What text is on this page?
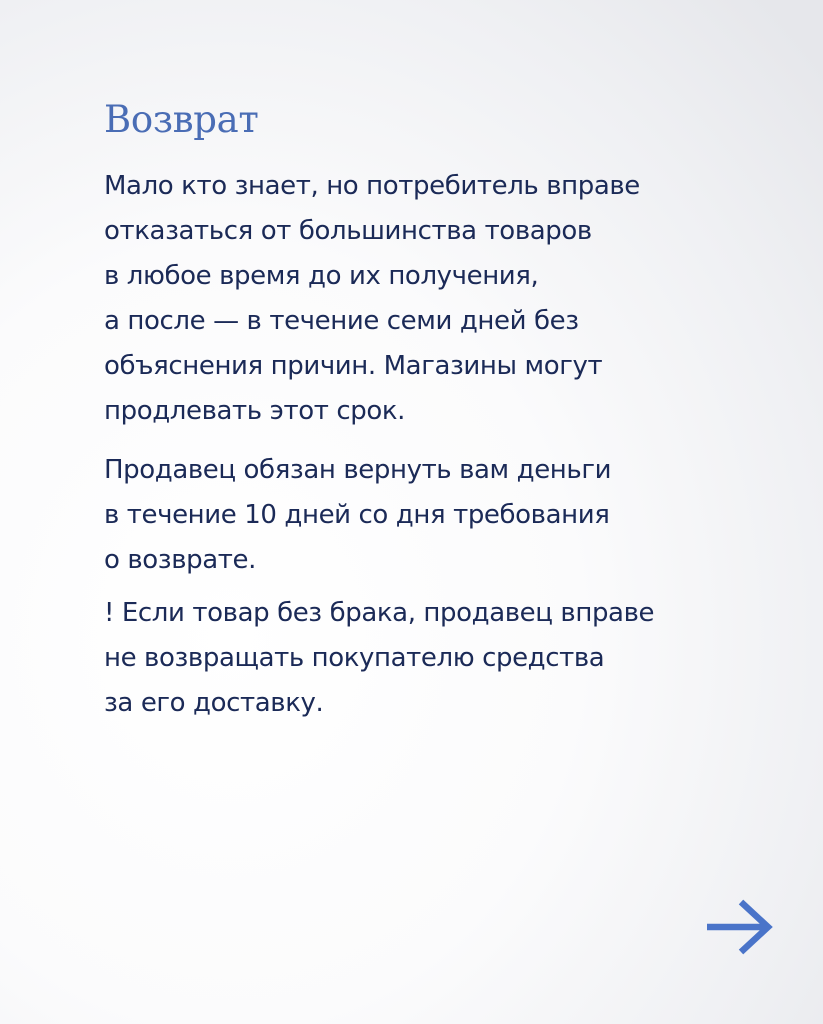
Возврат

Мало кто знает, но потребитель вправе
отказаться от большинства товаров
в любое время до их получения,
а после — в течение семи дней без
объяснения причин. Магазины могут
продлевать этот срок.

Продавец обязан вернуть вам деньги
в течение 10 дней со дня требования
о возврате.

! Если товар без брака, продавец вправе
не возвращать покупателю средства
за его доставку.
